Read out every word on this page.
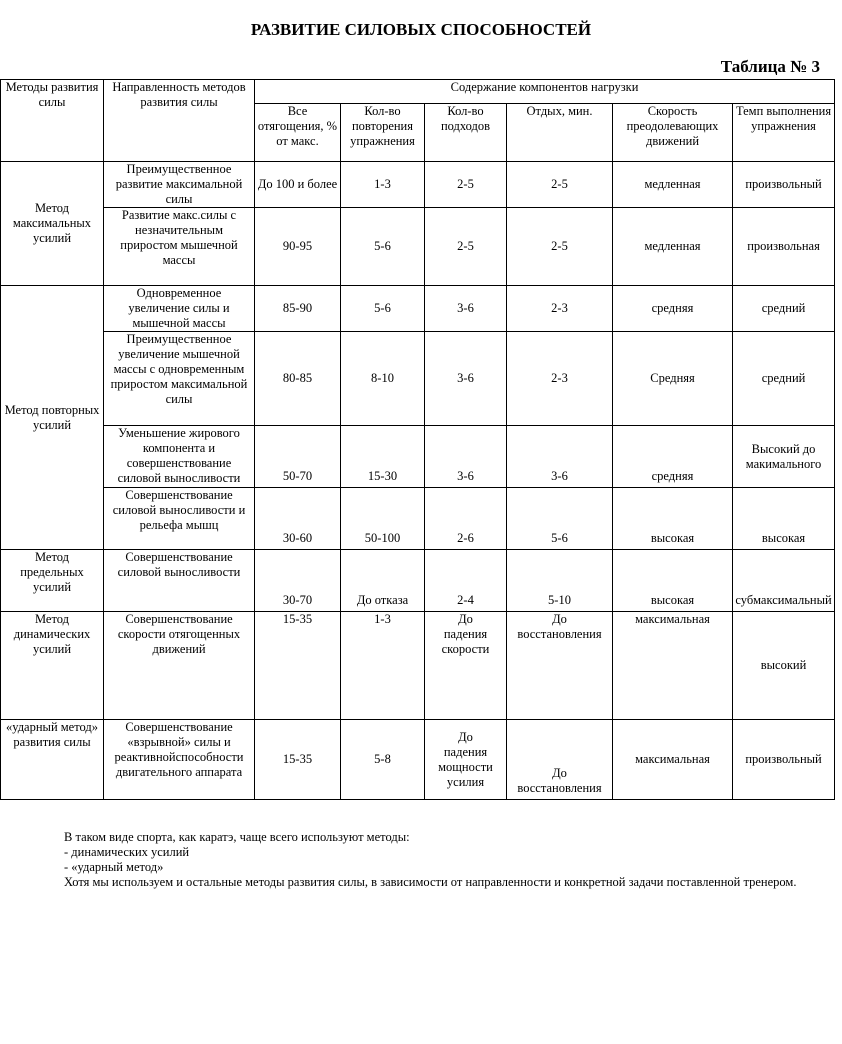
РАЗВИТИЕ СИЛОВЫХ СПОСОБНОСТЕЙ
Таблица № 3
Методы развития силы	Направленность методов развития силы	Содержание компонентов нагрузки					
		Все отягощения, % от макс.	Кол-во повторения упражнения	Кол-во подходов	Отдых, мин.	Скорость преодолевающих движений	Темп выполнения упражнения
Метод максимальных усилий	Преимущественное развитие максимальной силы	До 100 и более	1-3	2-5	2-5	медленная	произвольный
	Развитие макс.силы с незначительным приростом мышечной массы	90-95	5-6	2-5	2-5	медленная	произвольная
Метод повторных усилий	Одновременное увеличение силы и мышечной массы	85-90	5-6	3-6	2-3	средняя	средний
	Преимущественное увеличение мышечной массы с одновременным приростом максимальной силы	80-85	8-10	3-6	2-3	Средняя	средний
	Уменьшение жирового компонента и совершенствование силовой выносливости	50-70	15-30	3-6	3-6	средняя	Высокий до макимального
	Совершенствование силовой выносливости и рельефа мышц	30-60	50-100	2-6	5-6	высокая	высокая
Метод предельных усилий	Совершенствование силовой выносливости	30-70	До отказа	2-4	5-10	высокая	субмаксимальный
Метод динамических усилий	Совершенствование скорости отягощенных движений	15-35	1-3	До падения скорости	До восстановления	максимальная	высокий
«ударный метод» развития силы	Совершенствование «взрывной» силы и реактивнойспособности двигательного аппарата	15-35	5-8	До падения мощности усилия	До восстановления	максимальная	произвольный

В таком виде спорта, как каратэ, чаще всего используют методы:

- динамических усилий

- «ударный метод»

Хотя мы используем и остальные методы развития силы, в зависимости от направленности и конкретной задачи поставленной тренером.
